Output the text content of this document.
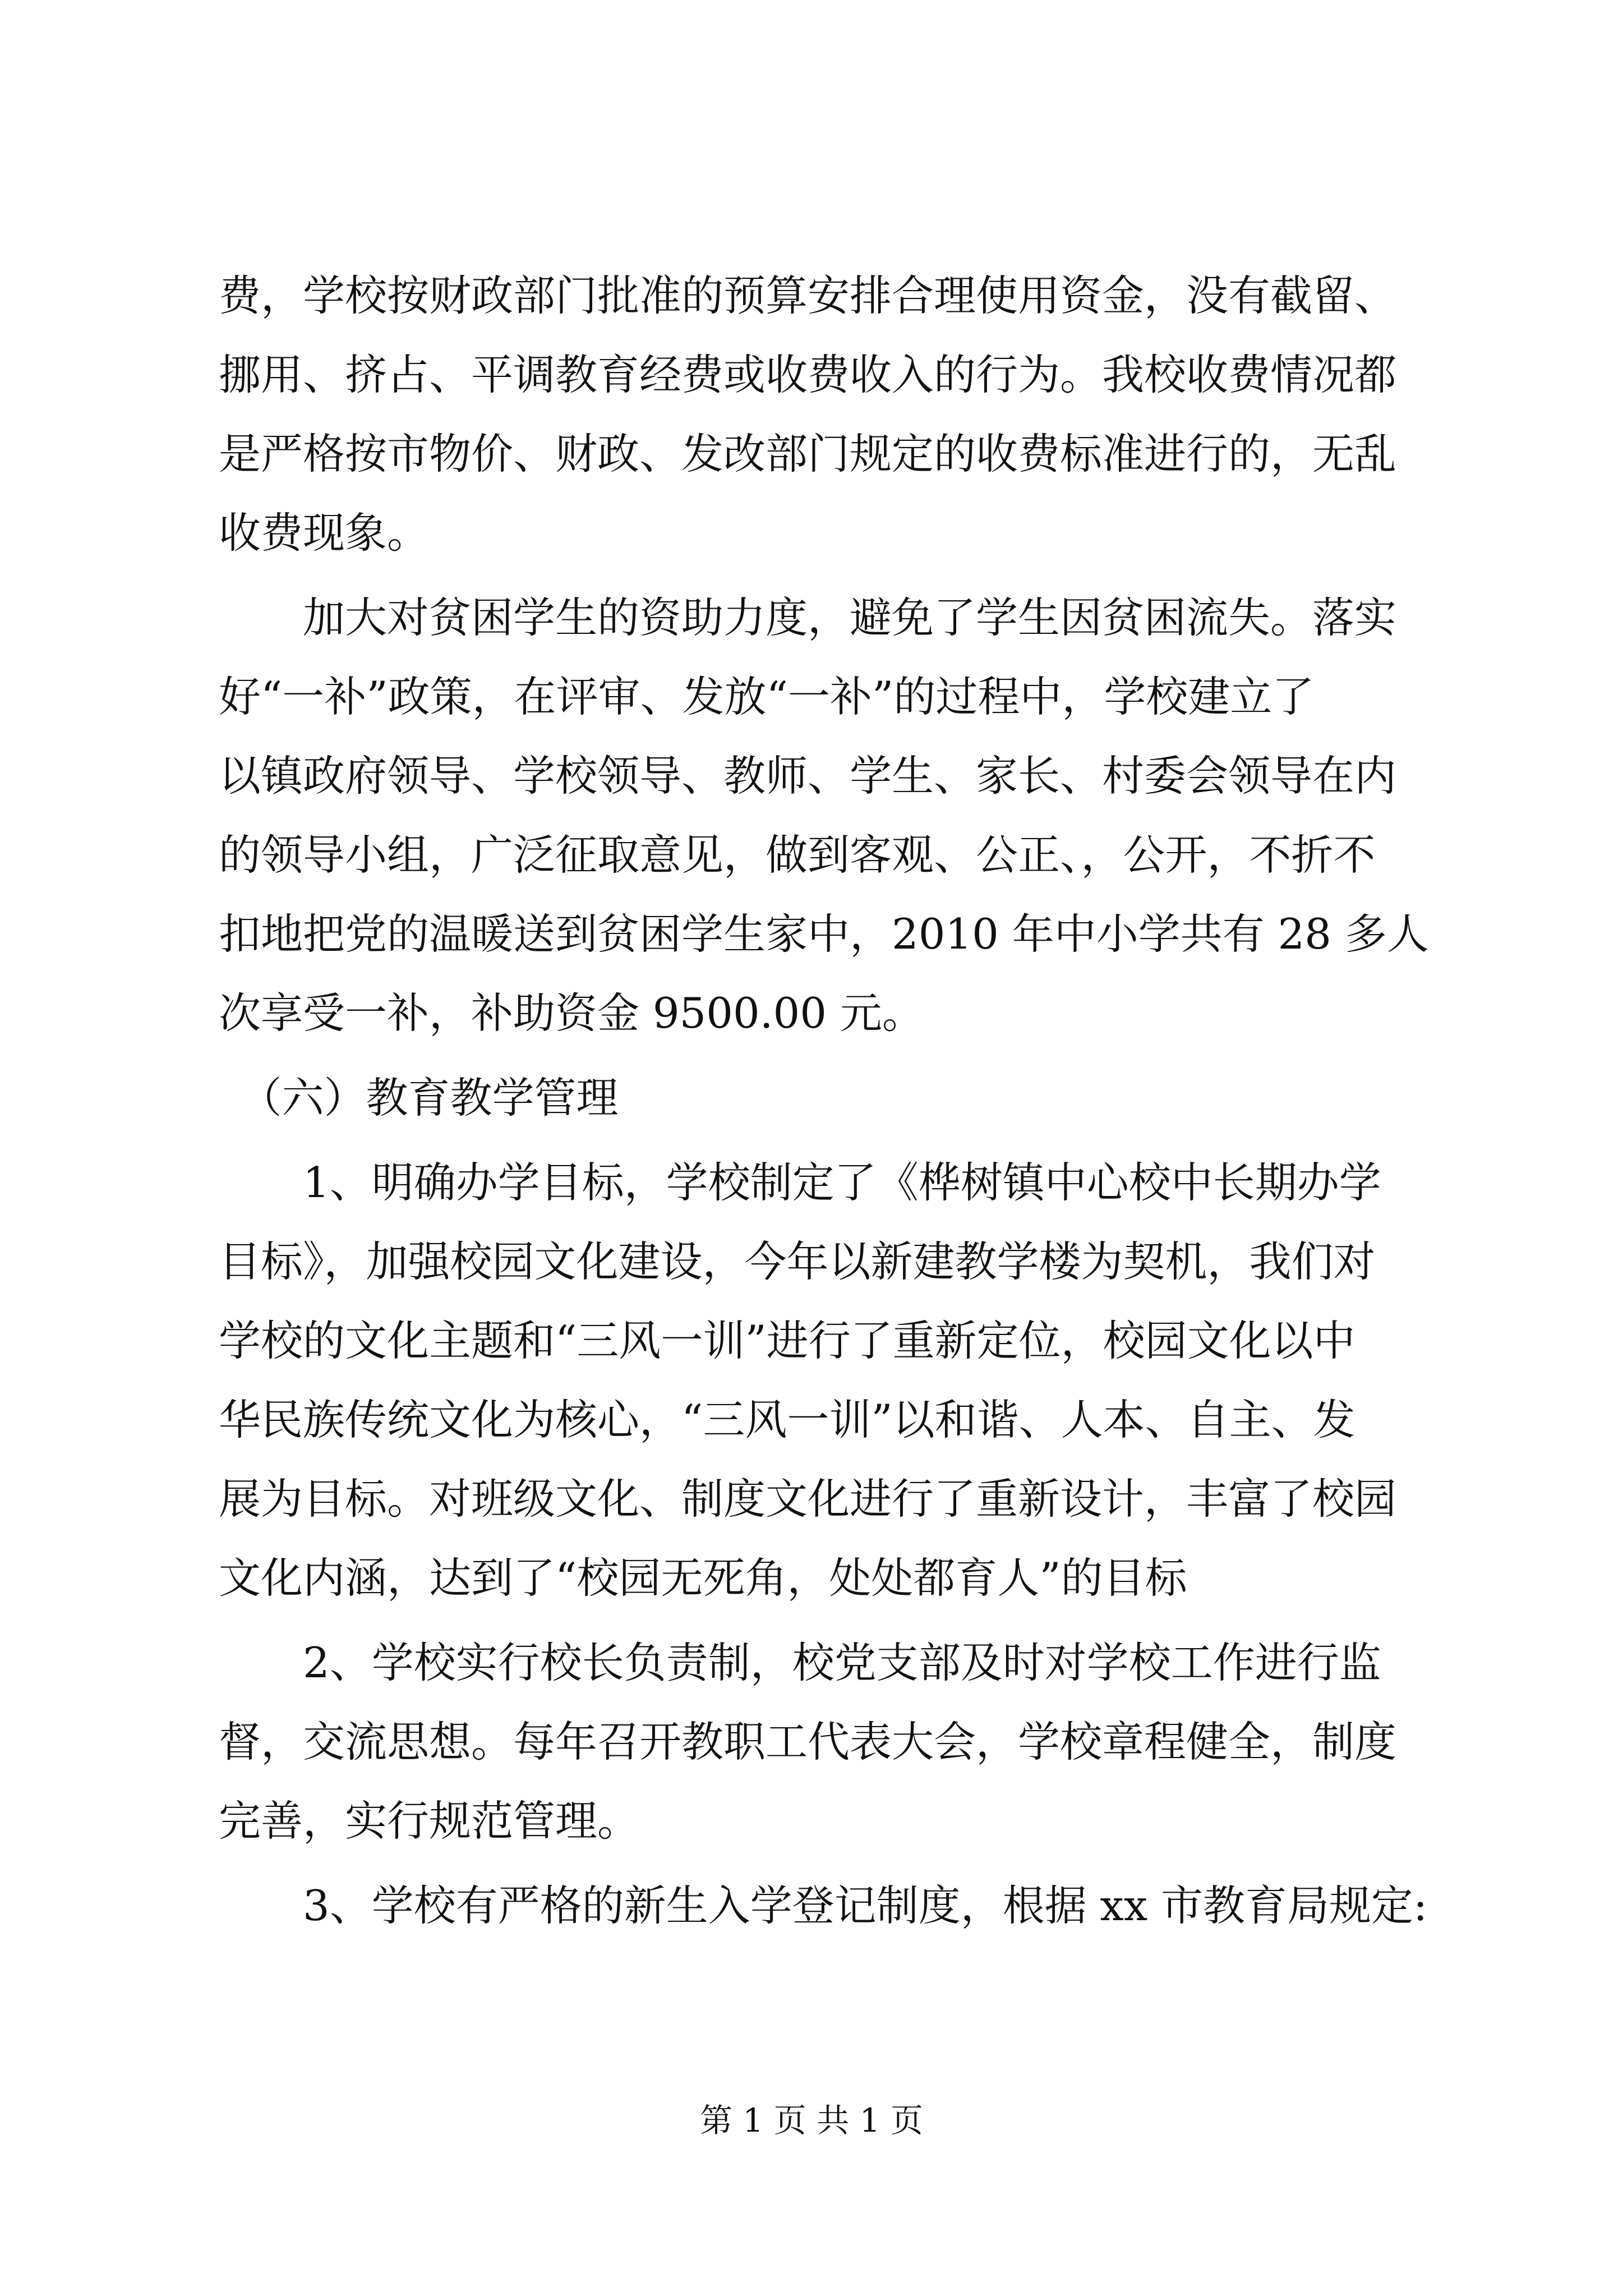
费，学校按财政部门批准的预算安排合理使用资金，没有截留、
挪用、挤占、平调教育经费或收费收入的行为。我校收费情况都
是严格按市物价、财政、发改部门规定的收费标准进行的，无乱
收费现象。
　　加大对贫困学生的资助力度，避免了学生因贫困流失。落实
好“一补”政策，在评审、发放“一补”的过程中，学校建立了
以镇政府领导、学校领导、教师、学生、家长、村委会领导在内
的领导小组，广泛征取意见，做到客观、公正、，公开，不折不
扣地把党的温暖送到贫困学生家中，2010 年中小学共有 28 多人
次享受一补，补助资金 9500.00 元。
　（六）教育教学管理
　　1、明确办学目标，学校制定了《桦树镇中心校中长期办学
目标》，加强校园文化建设，今年以新建教学楼为契机，我们对
学校的文化主题和“三风一训”进行了重新定位，校园文化以中
华民族传统文化为核心，“三风一训”以和谐、人本、自主、发
展为目标。对班级文化、制度文化进行了重新设计，丰富了校园
文化内涵，达到了“校园无死角，处处都育人”的目标
　　2、学校实行校长负责制，校党支部及时对学校工作进行监
督，交流思想。每年召开教职工代表大会，学校章程健全，制度
完善，实行规范管理。
　　3、学校有严格的新生入学登记制度，根据 xx 市教育局规定:
第 1 页 共 1 页
